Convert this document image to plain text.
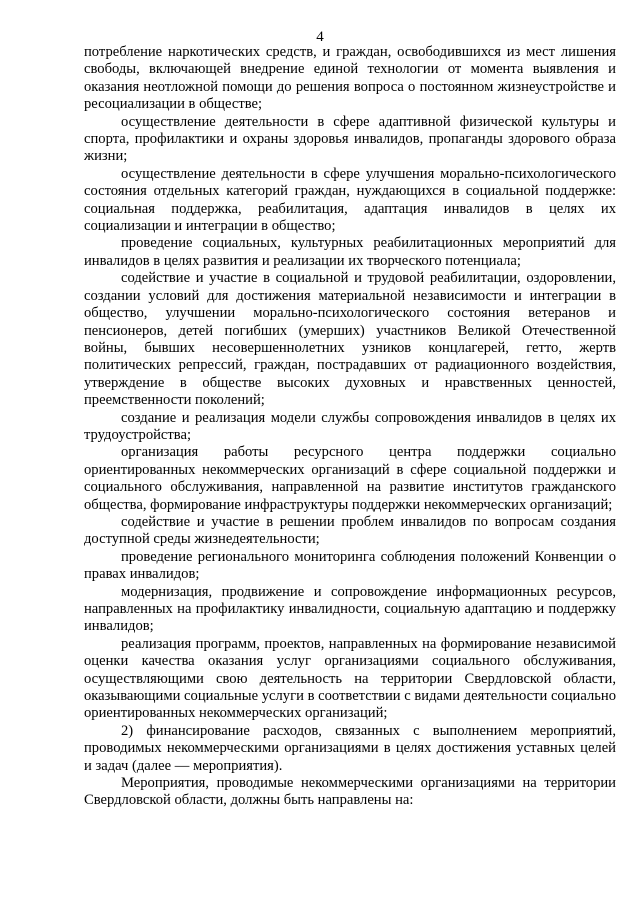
4

потребление наркотических средств, и граждан, освободившихся из мест лишения свободы, включающей внедрение единой технологии от момента выявления и оказания неотложной помощи до решения вопроса о постоянном жизнеустройстве и ресоциализации в обществе;

осуществление деятельности в сфере адаптивной физической культуры и спорта, профилактики и охраны здоровья инвалидов, пропаганды здорового образа жизни;

осуществление деятельности в сфере улучшения морально-психологического состояния отдельных категорий граждан, нуждающихся в социальной поддержке: социальная поддержка, реабилитация, адаптация инвалидов в целях их социализации и интеграции в общество;

проведение социальных, культурных реабилитационных мероприятий для инвалидов в целях развития и реализации их творческого потенциала;

содействие и участие в социальной и трудовой реабилитации, оздоровлении, создании условий для достижения материальной независимости и интеграции в общество, улучшении морально-психологического состояния ветеранов и пенсионеров, детей погибших (умерших) участников Великой Отечественной войны, бывших несовершеннолетних узников концлагерей, гетто, жертв политических репрессий, граждан, пострадавших от радиационного воздействия, утверждение в обществе высоких духовных и нравственных ценностей, преемственности поколений;

создание и реализация модели службы сопровождения инвалидов в целях их трудоустройства;

организация работы ресурсного центра поддержки социально ориентированных некоммерческих организаций в сфере социальной поддержки и социального обслуживания, направленной на развитие институтов гражданского общества, формирование инфраструктуры поддержки некоммерческих организаций;

содействие и участие в решении проблем инвалидов по вопросам создания доступной среды жизнедеятельности;

проведение регионального мониторинга соблюдения положений Конвенции о правах инвалидов;

модернизация, продвижение и сопровождение информационных ресурсов, направленных на профилактику инвалидности, социальную адаптацию и поддержку инвалидов;

реализация программ, проектов, направленных на формирование независимой оценки качества оказания услуг организациями социального обслуживания, осуществляющими свою деятельность на территории Свердловской области, оказывающими социальные услуги в соответствии с видами деятельности социально ориентированных некоммерческих организаций;

2) финансирование расходов, связанных с выполнением мероприятий, проводимых некоммерческими организациями в целях достижения уставных целей и задач (далее — мероприятия).

Мероприятия, проводимые некоммерческими организациями на территории Свердловской области, должны быть направлены на:
